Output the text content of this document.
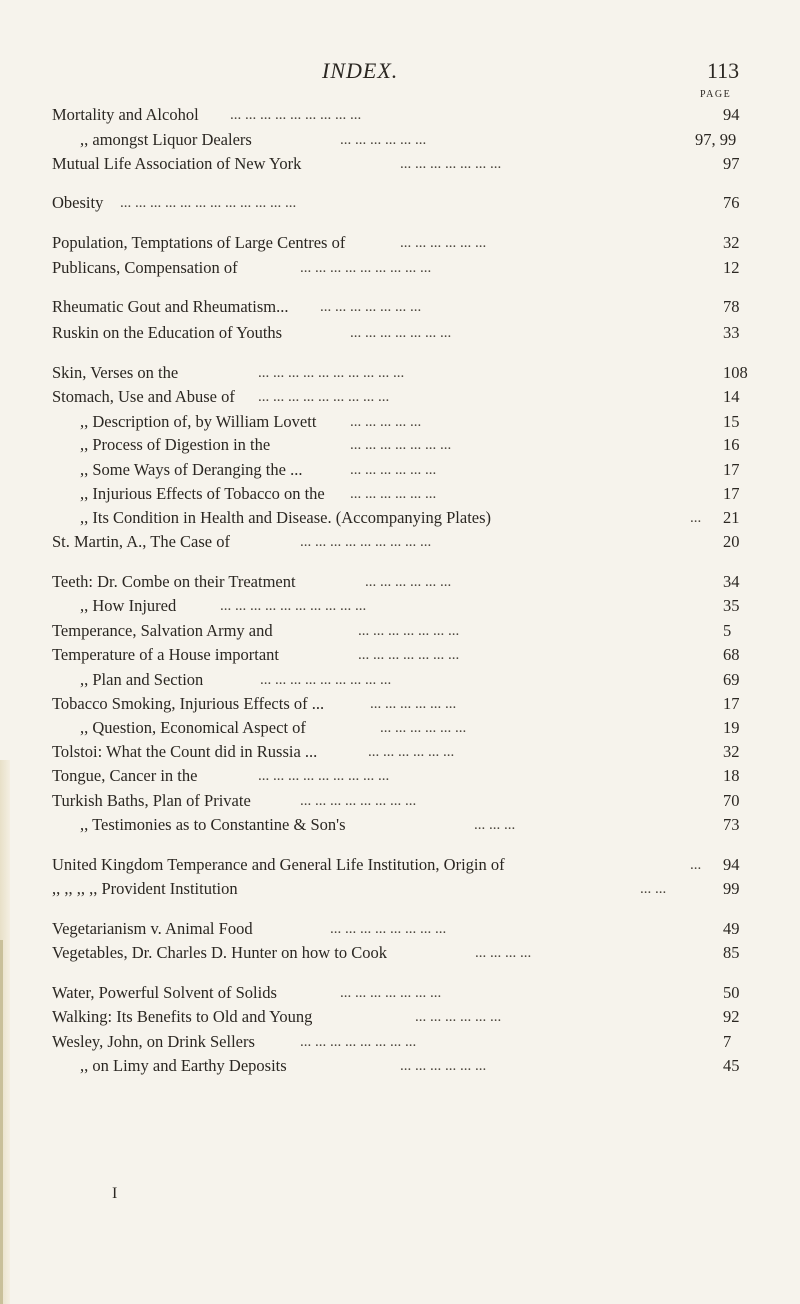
INDEX.	113
PAGE
Mortality and Alcohol ... ... ... ... ... ... ... ... ...	94
,, amongst Liquor Dealers	... ... ... ... ... ...	97, 99
Mutual Life Association of New York	... ... ... ... ... ... ...	97
Obesity ... ... ... ... ... ... ... ... ... ... ... ...	76
Population, Temptations of Large Centres of	... ... ... ... ... ...	32
Publicans, Compensation of	... ... ... ... ... ... ... ... ...	12
Rheumatic Gout and Rheumatism... ... ... ... ... ... ... ...	78
Ruskin on the Education of Youths	... ... ... ... ... ... ...	33
Skin, Verses on the	... ... ... ... ... ... ... ... ... ...	108
Stomach, Use and Abuse of ... ... ... ... ... ... ... ... ...	14
,, Description of, by William Lovett ... ... ... ... ...	15
,, Process of Digestion in the	... ... ... ... ... ... ...	16
,, Some Ways of Deranging the ...	... ... ... ... ... ...	17
,, Injurious Effects of Tobacco on the ... ... ... ... ... ...	17
,, Its Condition in Health and Disease. (Accompanying Plates)	... 21
St. Martin, A., The Case of	... ... ... ... ... ... ... ... ...	20
Teeth: Dr. Combe on their Treatment	... ... ... ... ... ...	34
,, How Injured	... ... ... ... ... ... ... ... ... ...	35
Temperance, Salvation Army and	... ... ... ... ... ... ...	5
Temperature of a House important	... ... ... ... ... ... ...	68
,, Plan and Section	... ... ... ... ... ... ... ... ...	69
Tobacco Smoking, Injurious Effects of ...	... ... ... ... ... ...	17
,, Question, Economical Aspect of	... ... ... ... ... ...	19
Tolstoi: What the Count did in Russia ...	... ... ... ... ... ...	32
Tongue, Cancer in the	... ... ... ... ... ... ... ... ...	18
Turkish Baths, Plan of Private	... ... ... ... ... ... ... ...	70
,, Testimonies as to Constantine & Son's	... ... ...	73
United Kingdom Temperance and General Life Institution, Origin of	... 94
,, ,, ,, ,, Provident Institution	... ...	99
Vegetarianism v. Animal Food	... ... ... ... ... ... ... ...	49
Vegetables, Dr. Charles D. Hunter on how to Cook	... ... ... ...	85
Water, Powerful Solvent of Solids	... ... ... ... ... ... ...	50
Walking: Its Benefits to Old and Young	... ... ... ... ... ...	92
Wesley, John, on Drink Sellers	... ... ... ... ... ... ... ...	7
,, on Limy and Earthy Deposits	... ... ... ... ... ...	45
I
